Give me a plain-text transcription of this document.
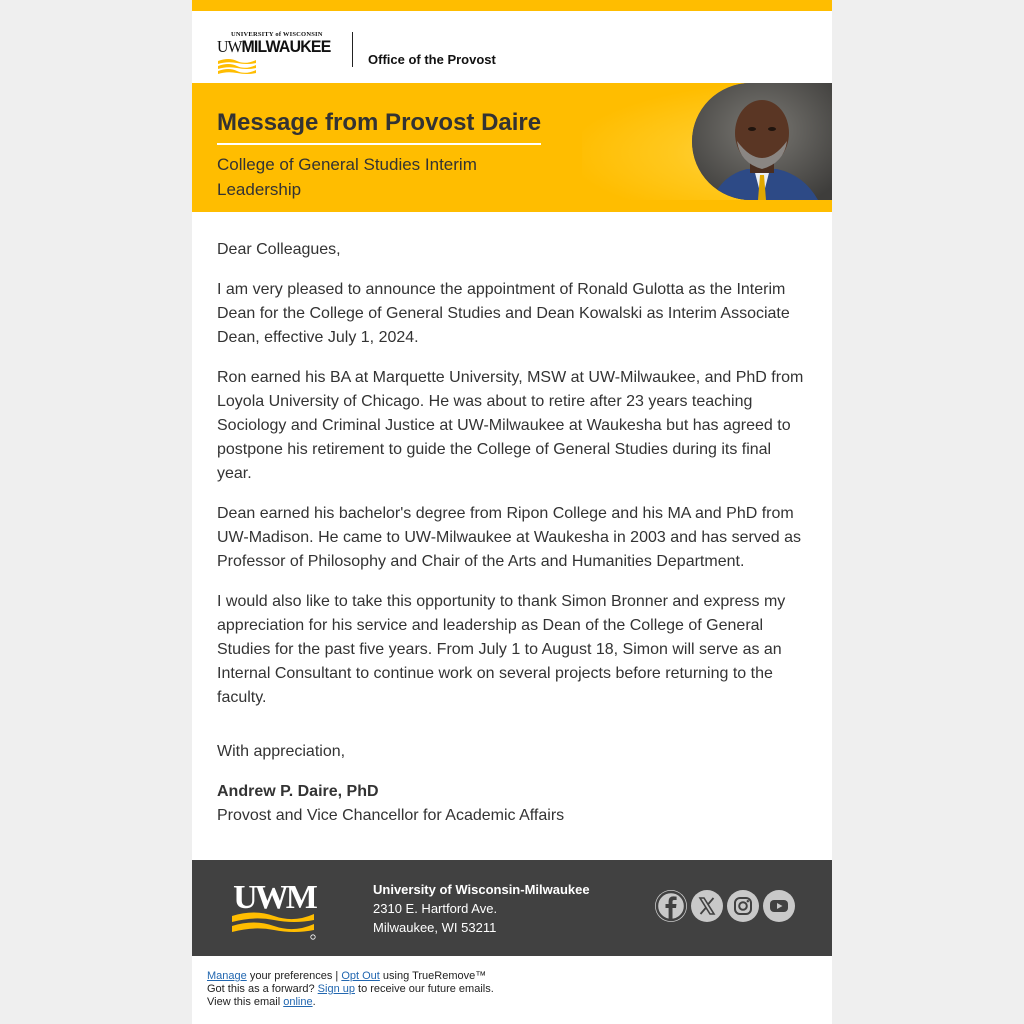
UNIVERSITY of WISCONSIN
UWMILWAUKEE
Office of the Provost
Message from Provost Daire
College of General Studies Interim Leadership

Dear Colleagues,

I am very pleased to announce the appointment of Ronald Gulotta as the Interim Dean for the College of General Studies and Dean Kowalski as Interim Associate Dean, effective July 1, 2024.

Ron earned his BA at Marquette University, MSW at UW-Milwaukee, and PhD from Loyola University of Chicago. He was about to retire after 23 years teaching Sociology and Criminal Justice at UW-Milwaukee at Waukesha but has agreed to postpone his retirement to guide the College of General Studies during its final year.

Dean earned his bachelor's degree from Ripon College and his MA and PhD from UW-Madison. He came to UW-Milwaukee at Waukesha in 2003 and has served as Professor of Philosophy and Chair of the Arts and Humanities Department.

I would also like to take this opportunity to thank Simon Bronner and express my appreciation for his service and leadership as Dean of the College of General Studies for the past five years. From July 1 to August 18, Simon will serve as an Internal Consultant to continue work on several projects before returning to the faculty.

With appreciation,

Andrew P. Daire, PhD

Provost and Vice Chancellor for Academic Affairs

UWM	University of Wisconsin-Milwaukee
2310 E. Hartford Ave.
Milwaukee, WI 53211
Manage your preferences | Opt Out using TrueRemove™
Got this as a forward? Sign up to receive our future emails.
View this email online.
